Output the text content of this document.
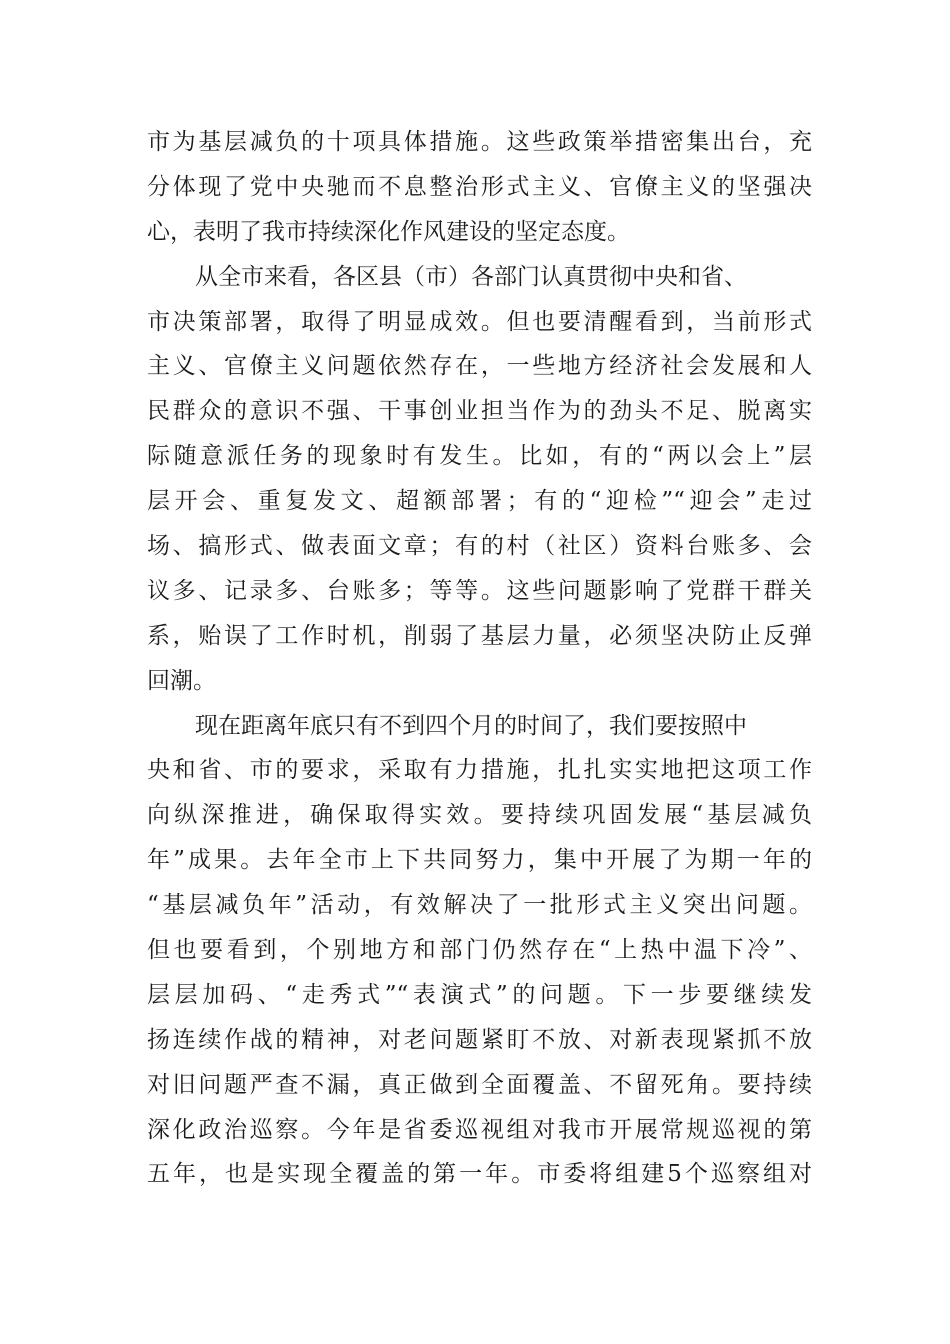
市为基层减负的十项具体措施。这些政策举措密集出台，充
分体现了党中央驰而不息整治形式主义、官僚主义的坚强决
心，表明了我市持续深化作风建设的坚定态度。
从全市来看，各区县（市）各部门认真贯彻中央和省、
市决策部署，取得了明显成效。但也要清醒看到，当前形式
主义、官僚主义问题依然存在，一些地方经济社会发展和人
民群众的意识不强、干事创业担当作为的劲头不足、脱离实
际随意派任务的现象时有发生。比如，有的“两以会上”层
层开会、重复发文、超额部署；有的“迎检”“迎会”走过
场、搞形式、做表面文章；有的村（社区）资料台账多、会
议多、记录多、台账多；等等。这些问题影响了党群干群关
系，贻误了工作时机，削弱了基层力量，必须坚决防止反弹
回潮。
现在距离年底只有不到四个月的时间了，我们要按照中
央和省、市的要求，采取有力措施，扎扎实实地把这项工作
向纵深推进，确保取得实效。要持续巩固发展“基层减负
年”成果。去年全市上下共同努力，集中开展了为期一年的
“基层减负年”活动，有效解决了一批形式主义突出问题。
但也要看到，个别地方和部门仍然存在“上热中温下冷”、
层层加码、“走秀式”“表演式”的问题。下一步要继续发
扬连续作战的精神，对老问题紧盯不放、对新表现紧抓不放
对旧问题严查不漏，真正做到全面覆盖、不留死角。要持续
深化政治巡察。今年是省委巡视组对我市开展常规巡视的第
五年，也是实现全覆盖的第一年。市委将组建5个巡察组对
